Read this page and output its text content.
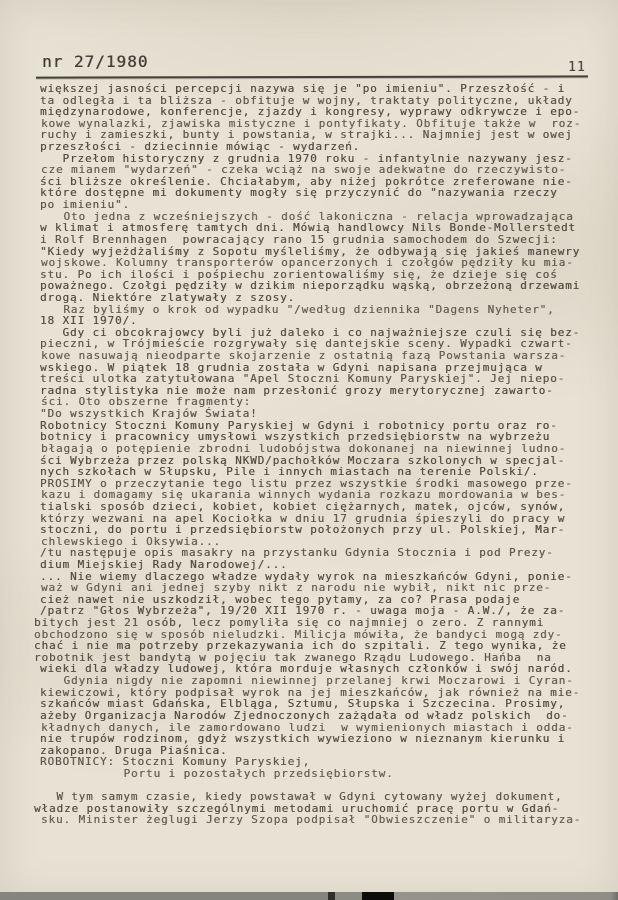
nr 27/1980	11
większej jasności percepcji nazywa się je "po imieniu". Przeszłość - i
ta odległa i ta bliższa - obfituje w wojny, traktaty polityczne, układy
międzynarodowe, konferencje, zjazdy i kongresy, wyprawy odkrywcze i epo-
kowe wynalazki, zjawiska mistyczne i pontyfikaty. Obfituje także w  roz-
ruchy i zamieszki, bunty i powstania, w strajki... Najmniej jest w owej
przeszłości - dziecinnie mówiąc - wydarzeń.
Przełom historyczny z grudnia 1970 roku - infantylnie nazywany jesz-
cze mianem "wydarzeń" - czeka wciąż na swoje adekwatne do rzeczywisto-
ści bliższe określenie. Chciałabym, aby niżej pokrótce zreferowane nie-
które dostępne mi dokumenty mogły się przyczynić do "nazywania rzeczy
po imieniu".
Oto jedna z wcześniejszych - dość lakoniczna - relacja wprowadzająca
w klimat i atmosferę tamtych dni. Mówią handlowcy Nils Bonde-Mollerstedt
i Rolf Brennhagen  powracający rano 15 grudnia samochodem do Szwecji:
"Kiedy wyjeżdżaliśmy z Sopotu myśleliśmy, że odbywają się jakieś manewry
wojskowe. Kolumny transporterów opancerzonych i czołgów pędziły ku mia-
stu. Po ich ilości i pośpiechu zorientowaliśmy się, że dzieje się coś
poważnego. Czołgi pędziły w dzikim nieporządku wąską, obrzeżoną drzewami
drogą. Niektóre zlatywały z szosy.
Raz byliśmy o krok od wypadku "/według dziennika "Dagens Nyheter",
18 XII 1970/.
Gdy ci obcokrajowcy byli już daleko i co najważniejsze czuli się bez-
pieczni, w Trójmieście rozgrywały się dantejskie sceny. Wypadki czwart-
kowe nasuwają nieodparte skojarzenie z ostatnią fazą Powstania warsza-
wskiego. W piątek 18 grudnia została w Gdyni napisana przejmująca w
treści ulotka zatytułowana "Apel Stoczni Komuny Paryskiej". Jej niepo-
radna stylistyka nie może nam przesłonić grozy merytorycznej zawarto-
ści. Oto obszerne fragmenty:
"Do wszystkich Krajów Świata!
Robotnicy Stoczni Komuny Paryskiej w Gdyni i robotnicy portu oraz ro-
botnicy i pracownicy umysłowi wszystkich przedsiębiorstw na wybrzeżu
błagają o potępienie zbrodni ludobójstwa dokonanej na niewinnej ludno-
ści Wybrzeża przez polską NKWD/pachołków Moczara szkolonych w specjal-
nych szkołach w Słupsku, Pile i innych miastach na terenie Polski/.
PROSIMY o przeczytanie tego listu przez wszystkie środki masowego prze-
kazu i domagamy się ukarania winnych wydania rozkazu mordowania w bes-
tialski sposób dzieci, kobiet, kobiet ciężarnych, matek, ojców, synów,
którzy wezwani na apel Kociołka w dniu 17 grudnia śpieszyli do pracy w
stoczni, do portu i przedsiębiorstw położonych przy ul. Polskiej, Mar-
chlewskiego i Oksywia...
/tu następuje opis masakry na przystanku Gdynia Stocznia i pod Prezy-
dium Miejskiej Rady Narodowej/...
... Nie wiemy dlaczego władze wydały wyrok na mieszkańców Gdyni, ponie-
waż w Gdyni ani jednej szyby nikt z narodu nie wybił, nikt nic prze-
cież nawet nie uszkodził, wobec tego pytamy, za co? Prasa podaje
/patrz "Głos Wybrzeża", 19/20 XII 1970 r. - uwaga moja - A.W./, że za-
bitych jest 21 osób, lecz pomyliła się co najmniej o zero. Z rannymi
obchodzono się w sposób nieludzki. Milicja mówiła, że bandyci mogą zdy-
chać i nie ma potrzeby przekazywania ich do szpitali. Z tego wynika, że
robotnik jest bandytą w pojęciu tak zwanego Rządu Ludowego. Hańba  na
wieki dla władzy ludowej, która morduje własnych członków i swój naród.
Gdynia nigdy nie zapomni niewinnej przelanej krwi Moczarowi i Cyran-
kiewiczowi, który podpisał wyrok na jej mieszkańców, jak również na mie-
szkańców miast Gdańska, Elbląga, Sztumu, Słupska i Szczecina. Prosimy,
ażeby Organizacja Narodów Zjednoczonych zażądała od władz polskich  do-
kładnych danych, ile zamordowano ludzi  w wymienionych miastach i odda-
nie trupów rodzinom, gdyż wszystkich wywieziono w nieznanym kierunku i
zakopano. Druga Piaśnica.
ROBOTNICY: Stoczni Komuny Paryskiej,
Portu i pozostałych przedsiębiorstw.
W tym samym czasie, kiedy powstawał w Gdyni cytowany wyżej dokument,
władze postanowiły szczególnymi metodami uruchomić pracę portu w Gdań-
sku. Minister żeglugi Jerzy Szopa podpisał "Obwieszczenie" o militaryza-
